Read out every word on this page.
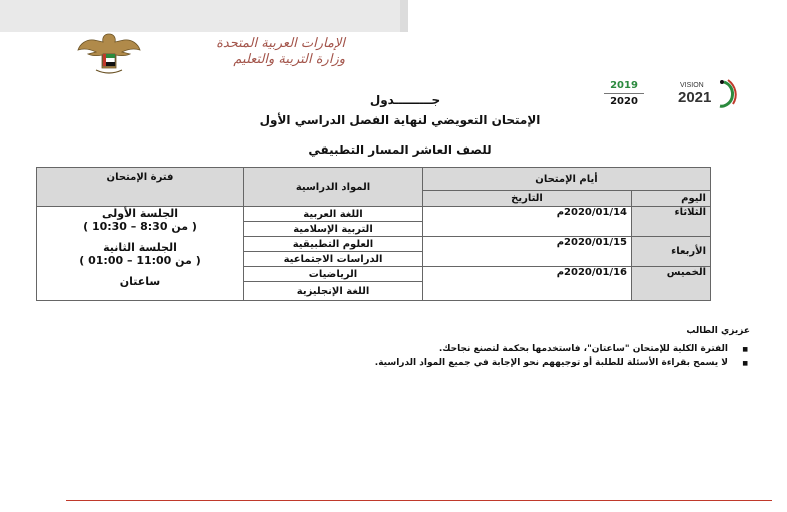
الإمارات العربية المتحدة
وزارة التربية والتعليم
2019
2020
VISION
2021
جـــــــــدول
الإمتحان التعويضي لنهاية الفصل الدراسي الأول
للصف العاشر المسار التطبيقي
أيام الإمتحان		المواد الدراسية	فترة الإمتحان
اليوم	التاريخ		
الثلاثاء	2020/01/14م	اللغة العربية	الجلسة الأولى
( من 8:30 – 10:30 )
الجلسة الثانية
( من 11:00 – 01:00 )
ساعتان

		التربية الإسلامية	
الأربعاء	2020/01/15م	العلوم التطبيقية	
		الدراسات الاجتماعية	
الخميس	2020/01/16م	الرياضيات	
		اللغة الإنجليزية	
عزيزي الطالب
■ الفترة الكلية للإمتحان "ساعتان"، فاستخدمها بحكمة لتصنع نجاحك.
■ لا يسمح بقراءة الأسئلة للطلبة أو توجيههم نحو الإجابة في جميع المواد الدراسية.
